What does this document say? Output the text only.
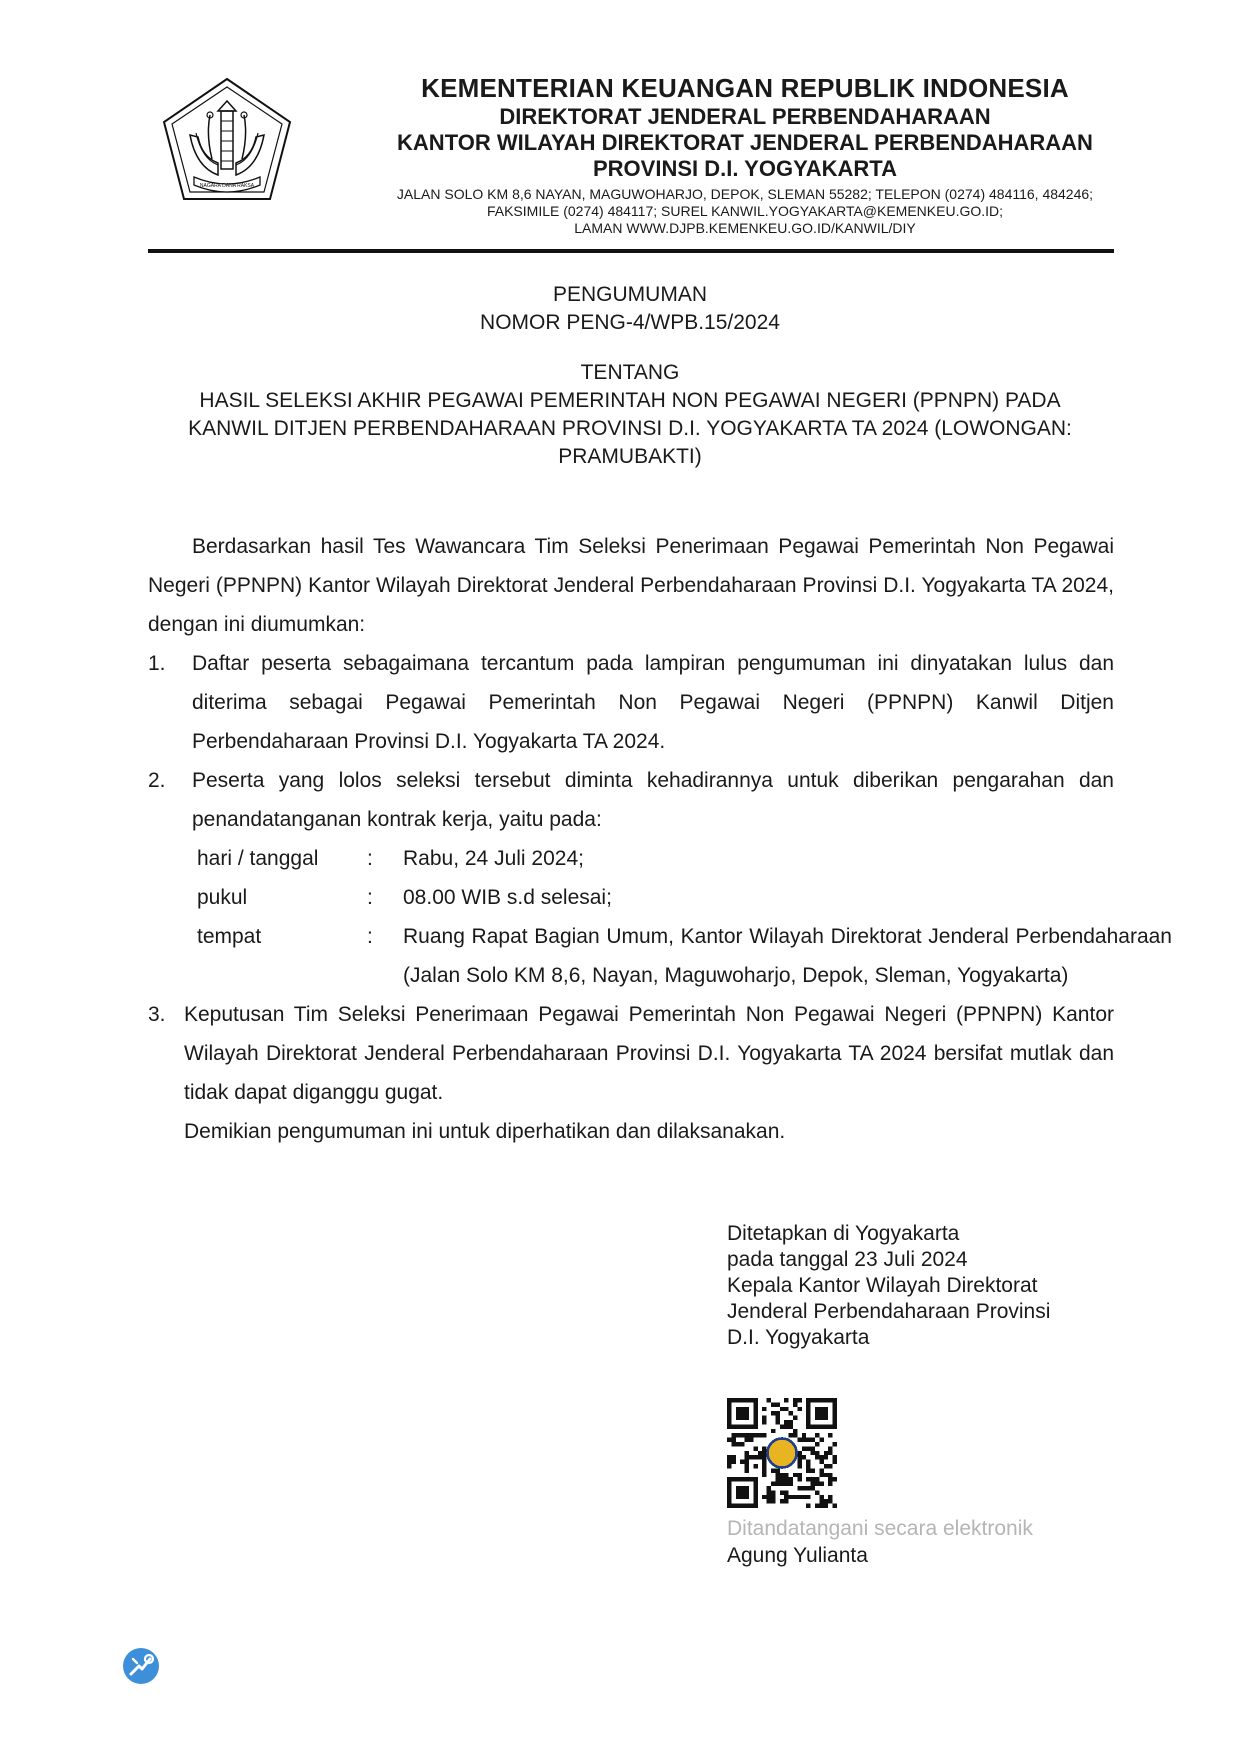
NAGARA DANA RAKSA
KEMENTERIAN KEUANGAN REPUBLIK INDONESIA
DIREKTORAT JENDERAL PERBENDAHARAAN
KANTOR WILAYAH DIREKTORAT JENDERAL PERBENDAHARAAN
PROVINSI D.I. YOGYAKARTA
JALAN SOLO KM 8,6 NAYAN, MAGUWOHARJO, DEPOK, SLEMAN 55282; TELEPON (0274) 484116, 484246;
FAKSIMILE (0274) 484117; SUREL KANWIL.YOGYAKARTA@KEMENKEU.GO.ID;
LAMAN WWW.DJPB.KEMENKEU.GO.ID/KANWIL/DIY
PENGUMUMAN
NOMOR PENG-4/WPB.15/2024
TENTANG
HASIL SELEKSI AKHIR PEGAWAI PEMERINTAH NON PEGAWAI NEGERI (PPNPN) PADA
KANWIL DITJEN PERBENDAHARAAN PROVINSI D.I. YOGYAKARTA TA 2024 (LOWONGAN:
PRAMUBAKTI)
Berdasarkan hasil Tes Wawancara Tim Seleksi Penerimaan Pegawai Pemerintah Non Pegawai Negeri (PPNPN) Kantor Wilayah Direktorat Jenderal Perbendaharaan Provinsi D.I. Yogyakarta TA 2024, dengan ini diumumkan:
1. Daftar peserta sebagaimana tercantum pada lampiran pengumuman ini dinyatakan lulus dan diterima sebagai Pegawai Pemerintah Non Pegawai Negeri (PPNPN) Kanwil Ditjen Perbendaharaan Provinsi D.I. Yogyakarta TA 2024.
2. Peserta yang lolos seleksi tersebut diminta kehadirannya untuk diberikan pengarahan dan penandatanganan kontrak kerja, yaitu pada:
hari / tanggal	:	Rabu, 24 Juli 2024;
pukul	:	08.00 WIB s.d selesai;
tempat	:	Ruang Rapat Bagian Umum, Kantor Wilayah Direktorat Jenderal Perbendaharaan (Jalan Solo KM 8,6, Nayan, Maguwoharjo, Depok, Sleman, Yogyakarta)
3. Keputusan Tim Seleksi Penerimaan Pegawai Pemerintah Non Pegawai Negeri (PPNPN) Kantor Wilayah Direktorat Jenderal Perbendaharaan Provinsi D.I. Yogyakarta TA 2024 bersifat mutlak dan tidak dapat diganggu gugat.
Demikian pengumuman ini untuk diperhatikan dan dilaksanakan.
Ditetapkan di Yogyakarta
pada tanggal 23 Juli 2024
Kepala Kantor Wilayah Direktorat
Jenderal Perbendaharaan Provinsi
D.I. Yogyakarta
Ditandatangani secara elektronik
Agung Yulianta
